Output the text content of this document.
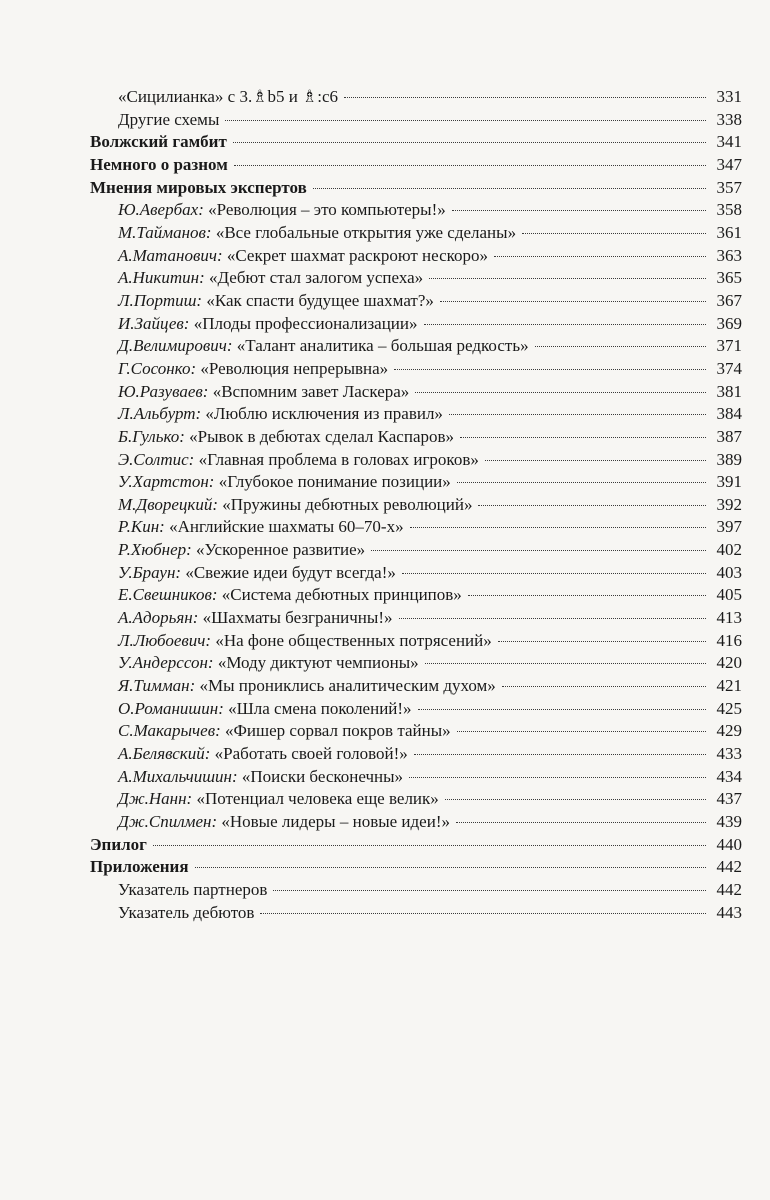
«Сицилианка» с 3.♗b5 и ♗:c6	331
Другие схемы	338
Волжский гамбит	341
Немного о разном	347
Мнения мировых экспертов	357
Ю.Авербах: «Революция – это компьютеры!»	358
М.Тайманов: «Все глобальные открытия уже сделаны»	361
А.Матанович: «Секрет шахмат раскроют нескоро»	363
А.Никитин: «Дебют стал залогом успеха»	365
Л.Портиш: «Как спасти будущее шахмат?»	367
И.Зайцев: «Плоды профессионализации»	369
Д.Велимирович: «Талант аналитика – большая редкость»	371
Г.Сосонко: «Революция непрерывна»	374
Ю.Разуваев: «Вспомним завет Ласкера»	381
Л.Альбурт: «Люблю исключения из правил»	384
Б.Гулько: «Рывок в дебютах сделал Каспаров»	387
Э.Солтис: «Главная проблема в головах игроков»	389
У.Хартстон: «Глубокое понимание позиции»	391
М.Дворецкий: «Пружины дебютных революций»	392
Р.Кин: «Английские шахматы 60–70-х»	397
Р.Хюбнер: «Ускоренное развитие»	402
У.Браун: «Свежие идеи будут всегда!»	403
Е.Свешников: «Система дебютных принципов»	405
А.Адорьян: «Шахматы безграничны!»	413
Л.Любоевич: «На фоне общественных потрясений»	416
У.Андерссон: «Моду диктуют чемпионы»	420
Я.Тимман: «Мы прониклись аналитическим духом»	421
О.Романишин: «Шла смена поколений!»	425
С.Макарычев: «Фишер сорвал покров тайны»	429
А.Белявский: «Работать своей головой!»	433
А.Михальчишин: «Поиски бесконечны»	434
Дж.Нанн: «Потенциал человека еще велик»	437
Дж.Спилмен: «Новые лидеры – новые идеи!»	439
Эпилог	440
Приложения	442
Указатель партнеров	442
Указатель дебютов	443
